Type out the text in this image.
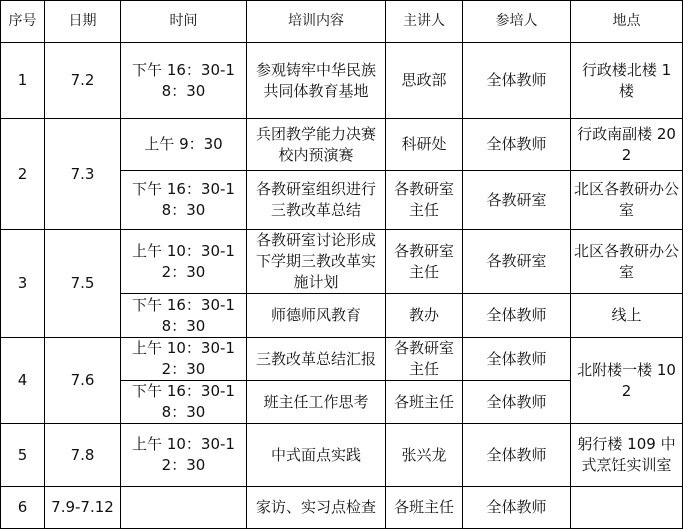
序号	日期	时间	培训内容	主讲人	参培人	地点
1	7.2	下午 16：30-18：30	参观铸牢中华民族共同体教育基地	思政部	全体教师	行政楼北楼 1 楼
2	7.3	上午 9：30	兵团教学能力决赛校内预演赛	科研处	全体教师	行政南副楼 202
		下午 16：30-18：30	各教研室组织进行三教改革总结	各教研室主任	各教研室	北区各教研办公室
3	7.5	上午 10：30-12：30	各教研室讨论形成下学期三教改革实施计划	各教研室主任	各教研室	北区各教研办公室
		下午 16：30-18：30	师德师风教育	教办	全体教师	线上
4	7.6	上午 10：30-12：30	三教改革总结汇报	各教研室主任	全体教师	北附楼一楼 102
		下午 16：30-18：30	班主任工作思考	各班主任	全体教师	
5	7.8	上午 10：30-12：30	中式面点实践	张兴龙	全体教师	躬行楼 109 中式烹饪实训室
6	7.9-7.12		家访、实习点检查	各班主任	全体教师	
